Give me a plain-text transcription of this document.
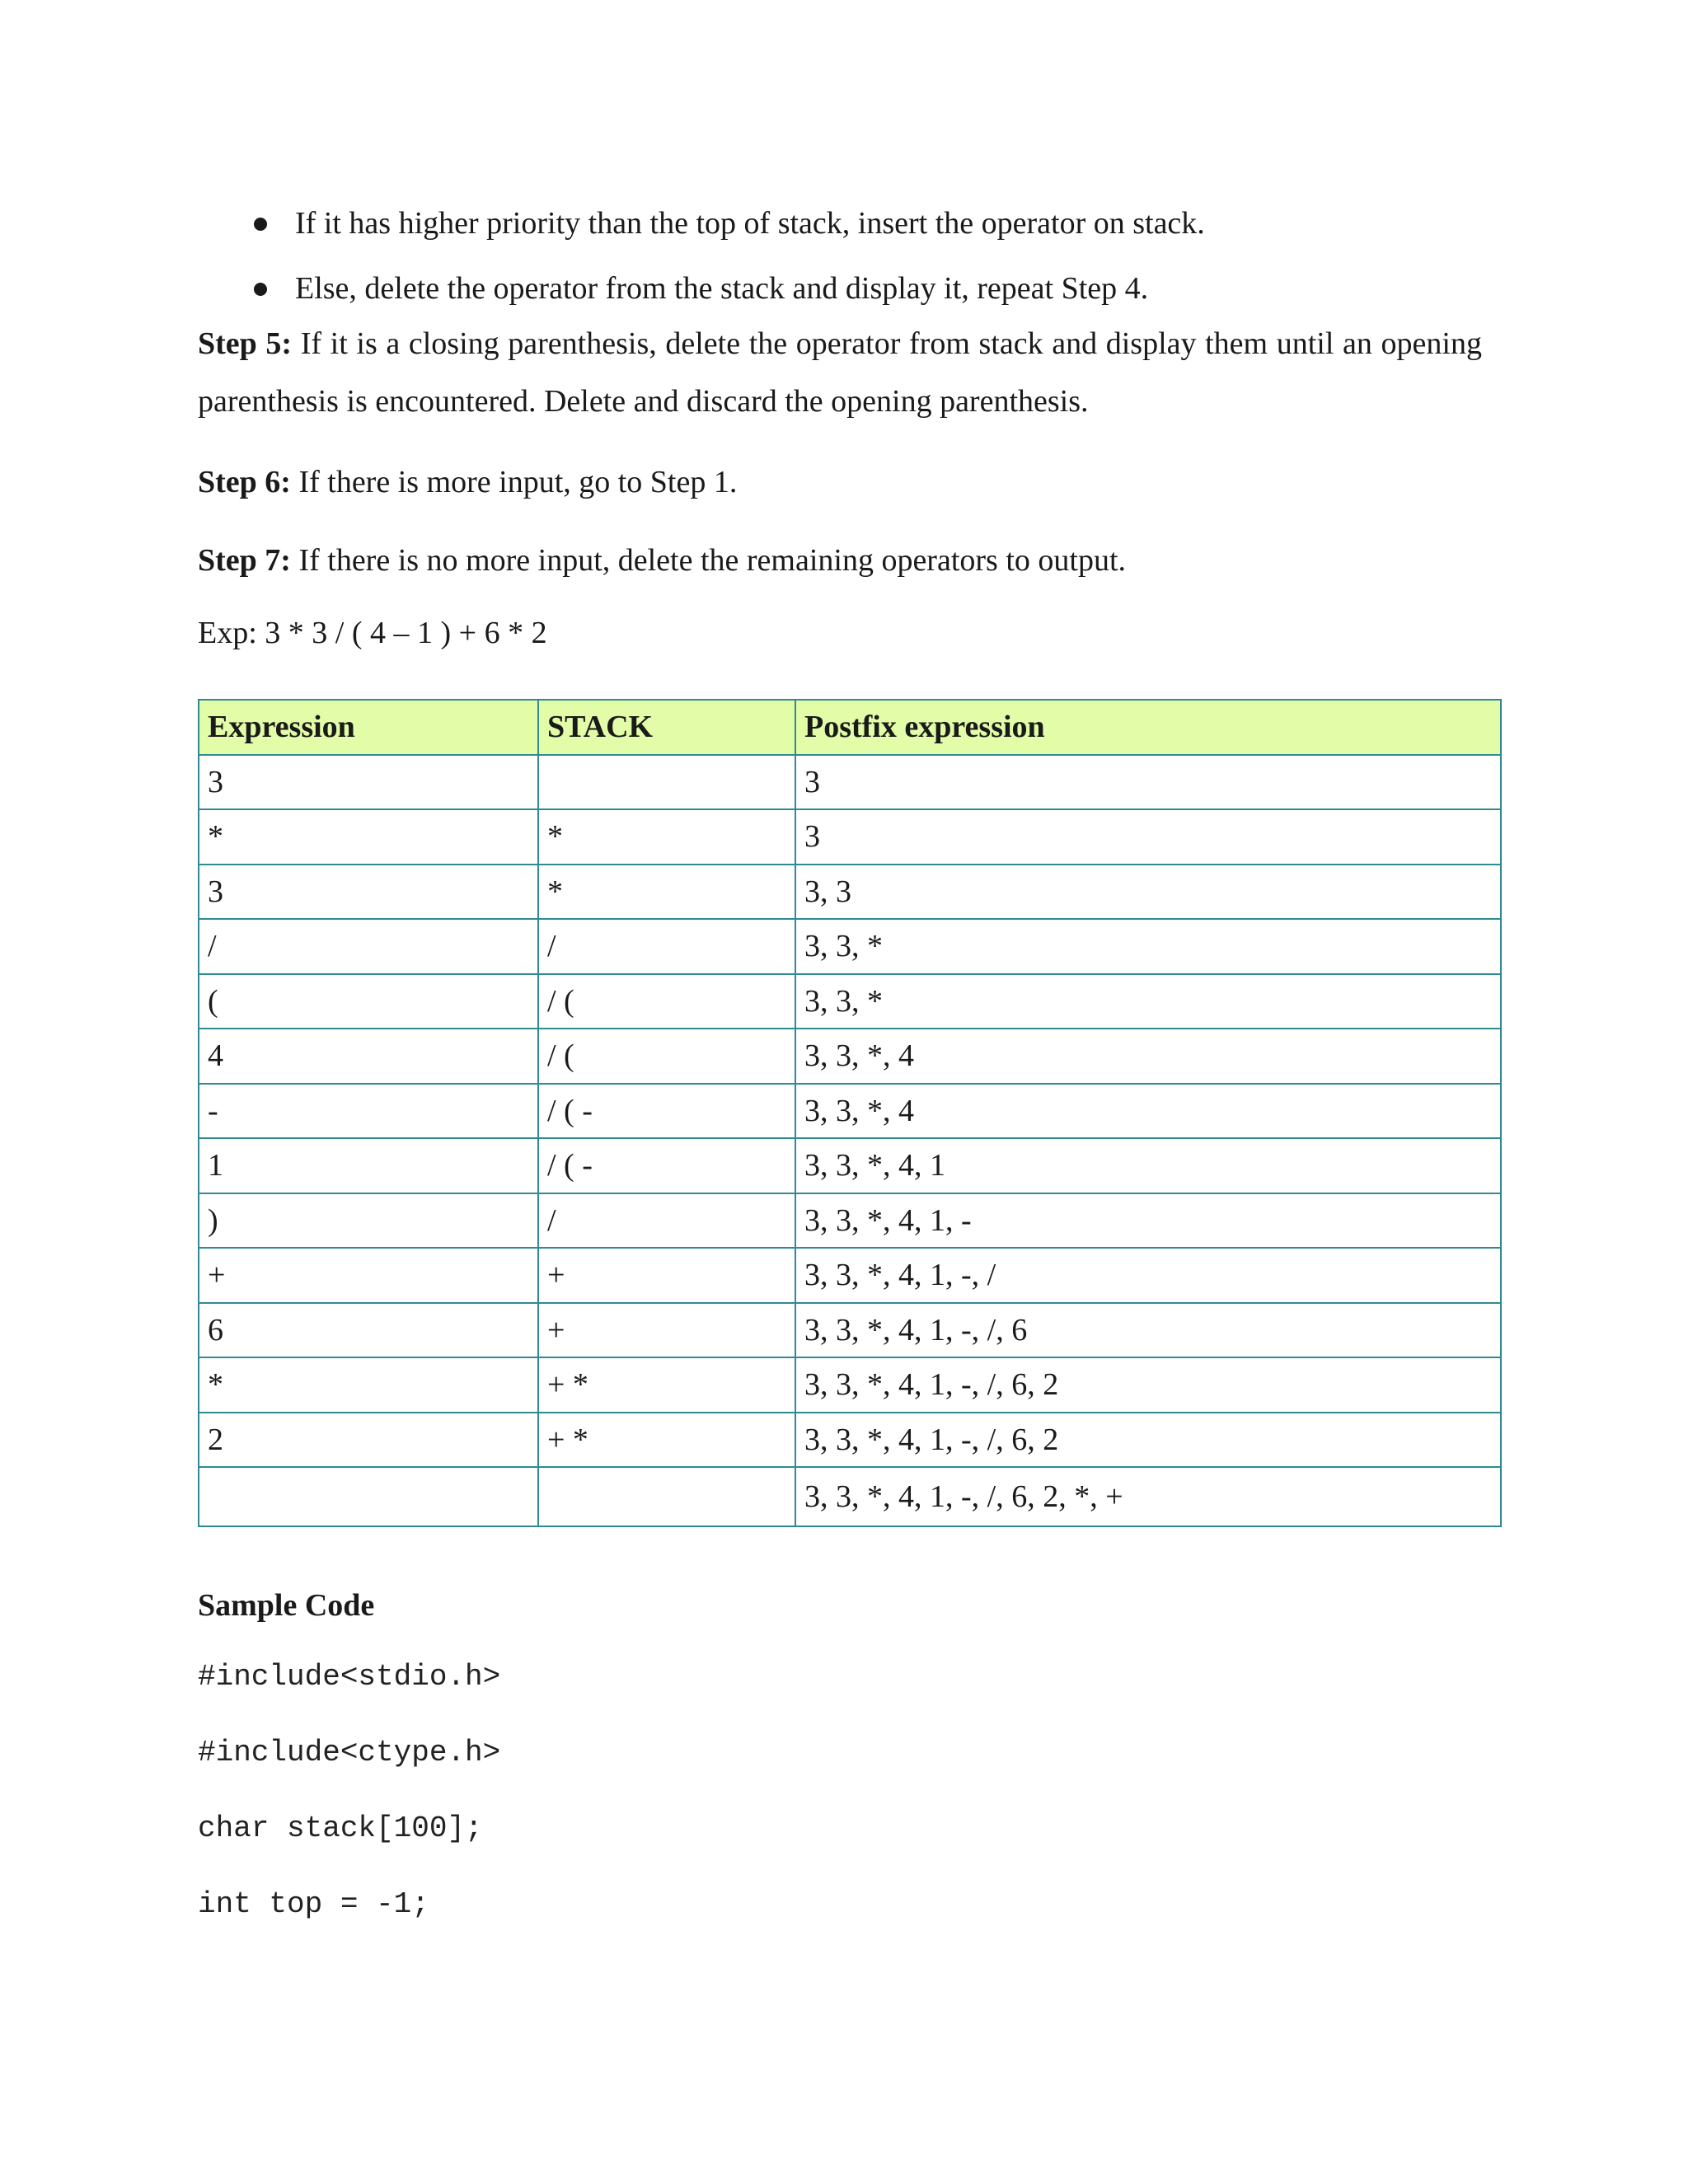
If it has higher priority than the top of stack, insert the operator on stack.
Else, delete the operator from the stack and display it, repeat Step 4.

Step 5: If it is a closing parenthesis, delete the operator from stack and display them until an opening parenthesis is encountered. Delete and discard the opening parenthesis.

Step 6: If there is more input, go to Step 1.

Step 7: If there is no more input, delete the remaining operators to output.

Exp: 3 * 3 / ( 4 – 1 ) + 6 * 2
Expression	STACK	Postfix expression
3		3
*	*	3
3	*	3, 3
/	/	3, 3, *
(	/ (	3, 3, *
4	/ (	3, 3, *, 4
-	/ ( -	3, 3, *, 4
1	/ ( -	3, 3, *, 4, 1
)	/	3, 3, *, 4, 1, -
+	+	3, 3, *, 4, 1, -, /
6	+	3, 3, *, 4, 1, -, /, 6
*	+ *	3, 3, *, 4, 1, -, /, 6, 2
2	+ *	3, 3, *, 4, 1, -, /, 6, 2
		3, 3, *, 4, 1, -, /, 6, 2, *, +
Sample Code
#include<stdio.h>
#include<ctype.h>
char stack[100];
int top = -1;
